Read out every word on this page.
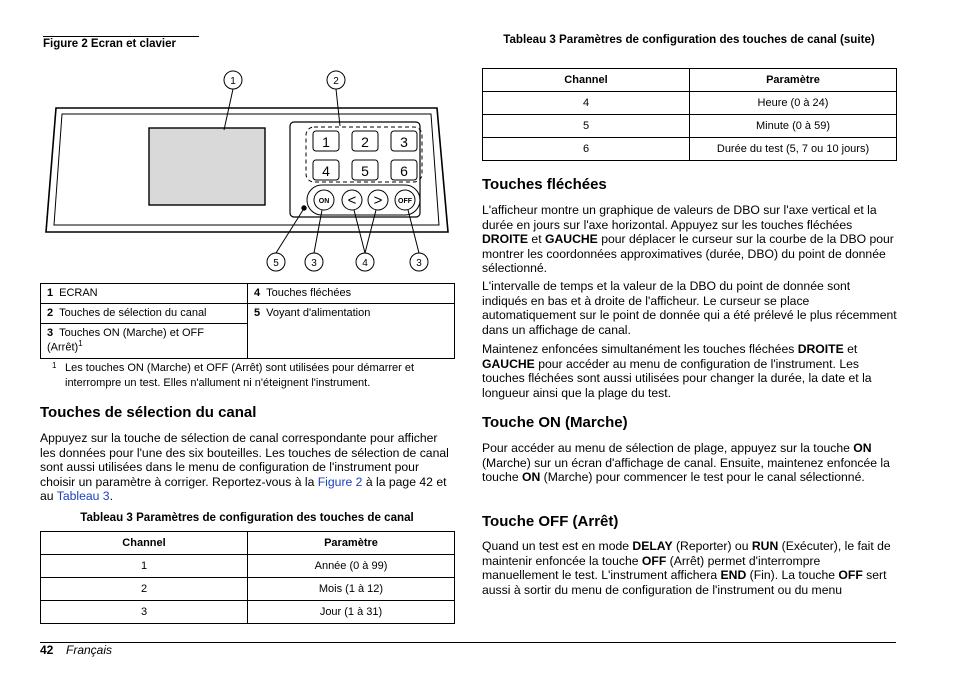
Figure 2 Ecran et clavier
1 2 3
4 5 6
ON < > OFF
1	2
5	3	4	3
1 ECRAN	4 Touches fléchées
2 Touches de sélection du canal	5 Voyant d'alimentation
3 Touches ON (Marche) et OFF (Arrêt)$^1$
1 Les touches ON (Marche) et OFF (Arrêt) sont utilisées pour démarrer et interrompre un test. Elles n'allument ni n'éteignent l'instrument.
Touches de sélection du canal
Appuyez sur la touche de sélection de canal correspondante pour afficher les données pour l'une des six bouteilles. Les touches de sélection de canal sont aussi utilisées dans le menu de configuration de l'instrument pour choisir un paramètre à corriger. Reportez-vous à la Figure 2 à la page 42 et au Tableau 3.
Tableau 3 Paramètres de configuration des touches de canal
Channel	Paramètre
1	Année (0 à 99)
2	Mois (1 à 12)
3	Jour (1 à 31)
Tableau 3 Paramètres de configuration des touches de canal (suite)
Channel	Paramètre
4	Heure (0 à 24)
5	Minute (0 à 59)
6	Durée du test (5, 7 ou 10 jours)
Touches fléchées
L'afficheur montre un graphique de valeurs de DBO sur l'axe vertical et la durée en jours sur l'axe horizontal. Appuyez sur les touches fléchées DROITE et GAUCHE pour déplacer le curseur sur la courbe de la DBO pour montrer les coordonnées approximatives (durée, DBO) du point de donnée sélectionné.
L'intervalle de temps et la valeur de la DBO du point de donnée sont indiqués en bas et à droite de l'afficheur. Le curseur se place automatiquement sur le point de donnée qui a été prélevé le plus récemment dans un affichage de canal.
Maintenez enfoncées simultanément les touches fléchées DROITE et GAUCHE pour accéder au menu de configuration de l'instrument. Les touches fléchées sont aussi utilisées pour changer la durée, la date et la longueur ainsi que la plage du test.
Touche ON (Marche)
Pour accéder au menu de sélection de plage, appuyez sur la touche ON (Marche) sur un écran d'affichage de canal. Ensuite, maintenez enfoncée la touche ON (Marche) pour commencer le test pour le canal sélectionné.
Touche OFF (Arrêt)
Quand un test est en mode DELAY (Reporter) ou RUN (Exécuter), le fait de maintenir enfoncée la touche OFF (Arrêt) permet d'interrompre manuellement le test. L'instrument affichera END (Fin). La touche OFF sert aussi à sortir du menu de configuration de l'instrument ou du menu
42 Français
